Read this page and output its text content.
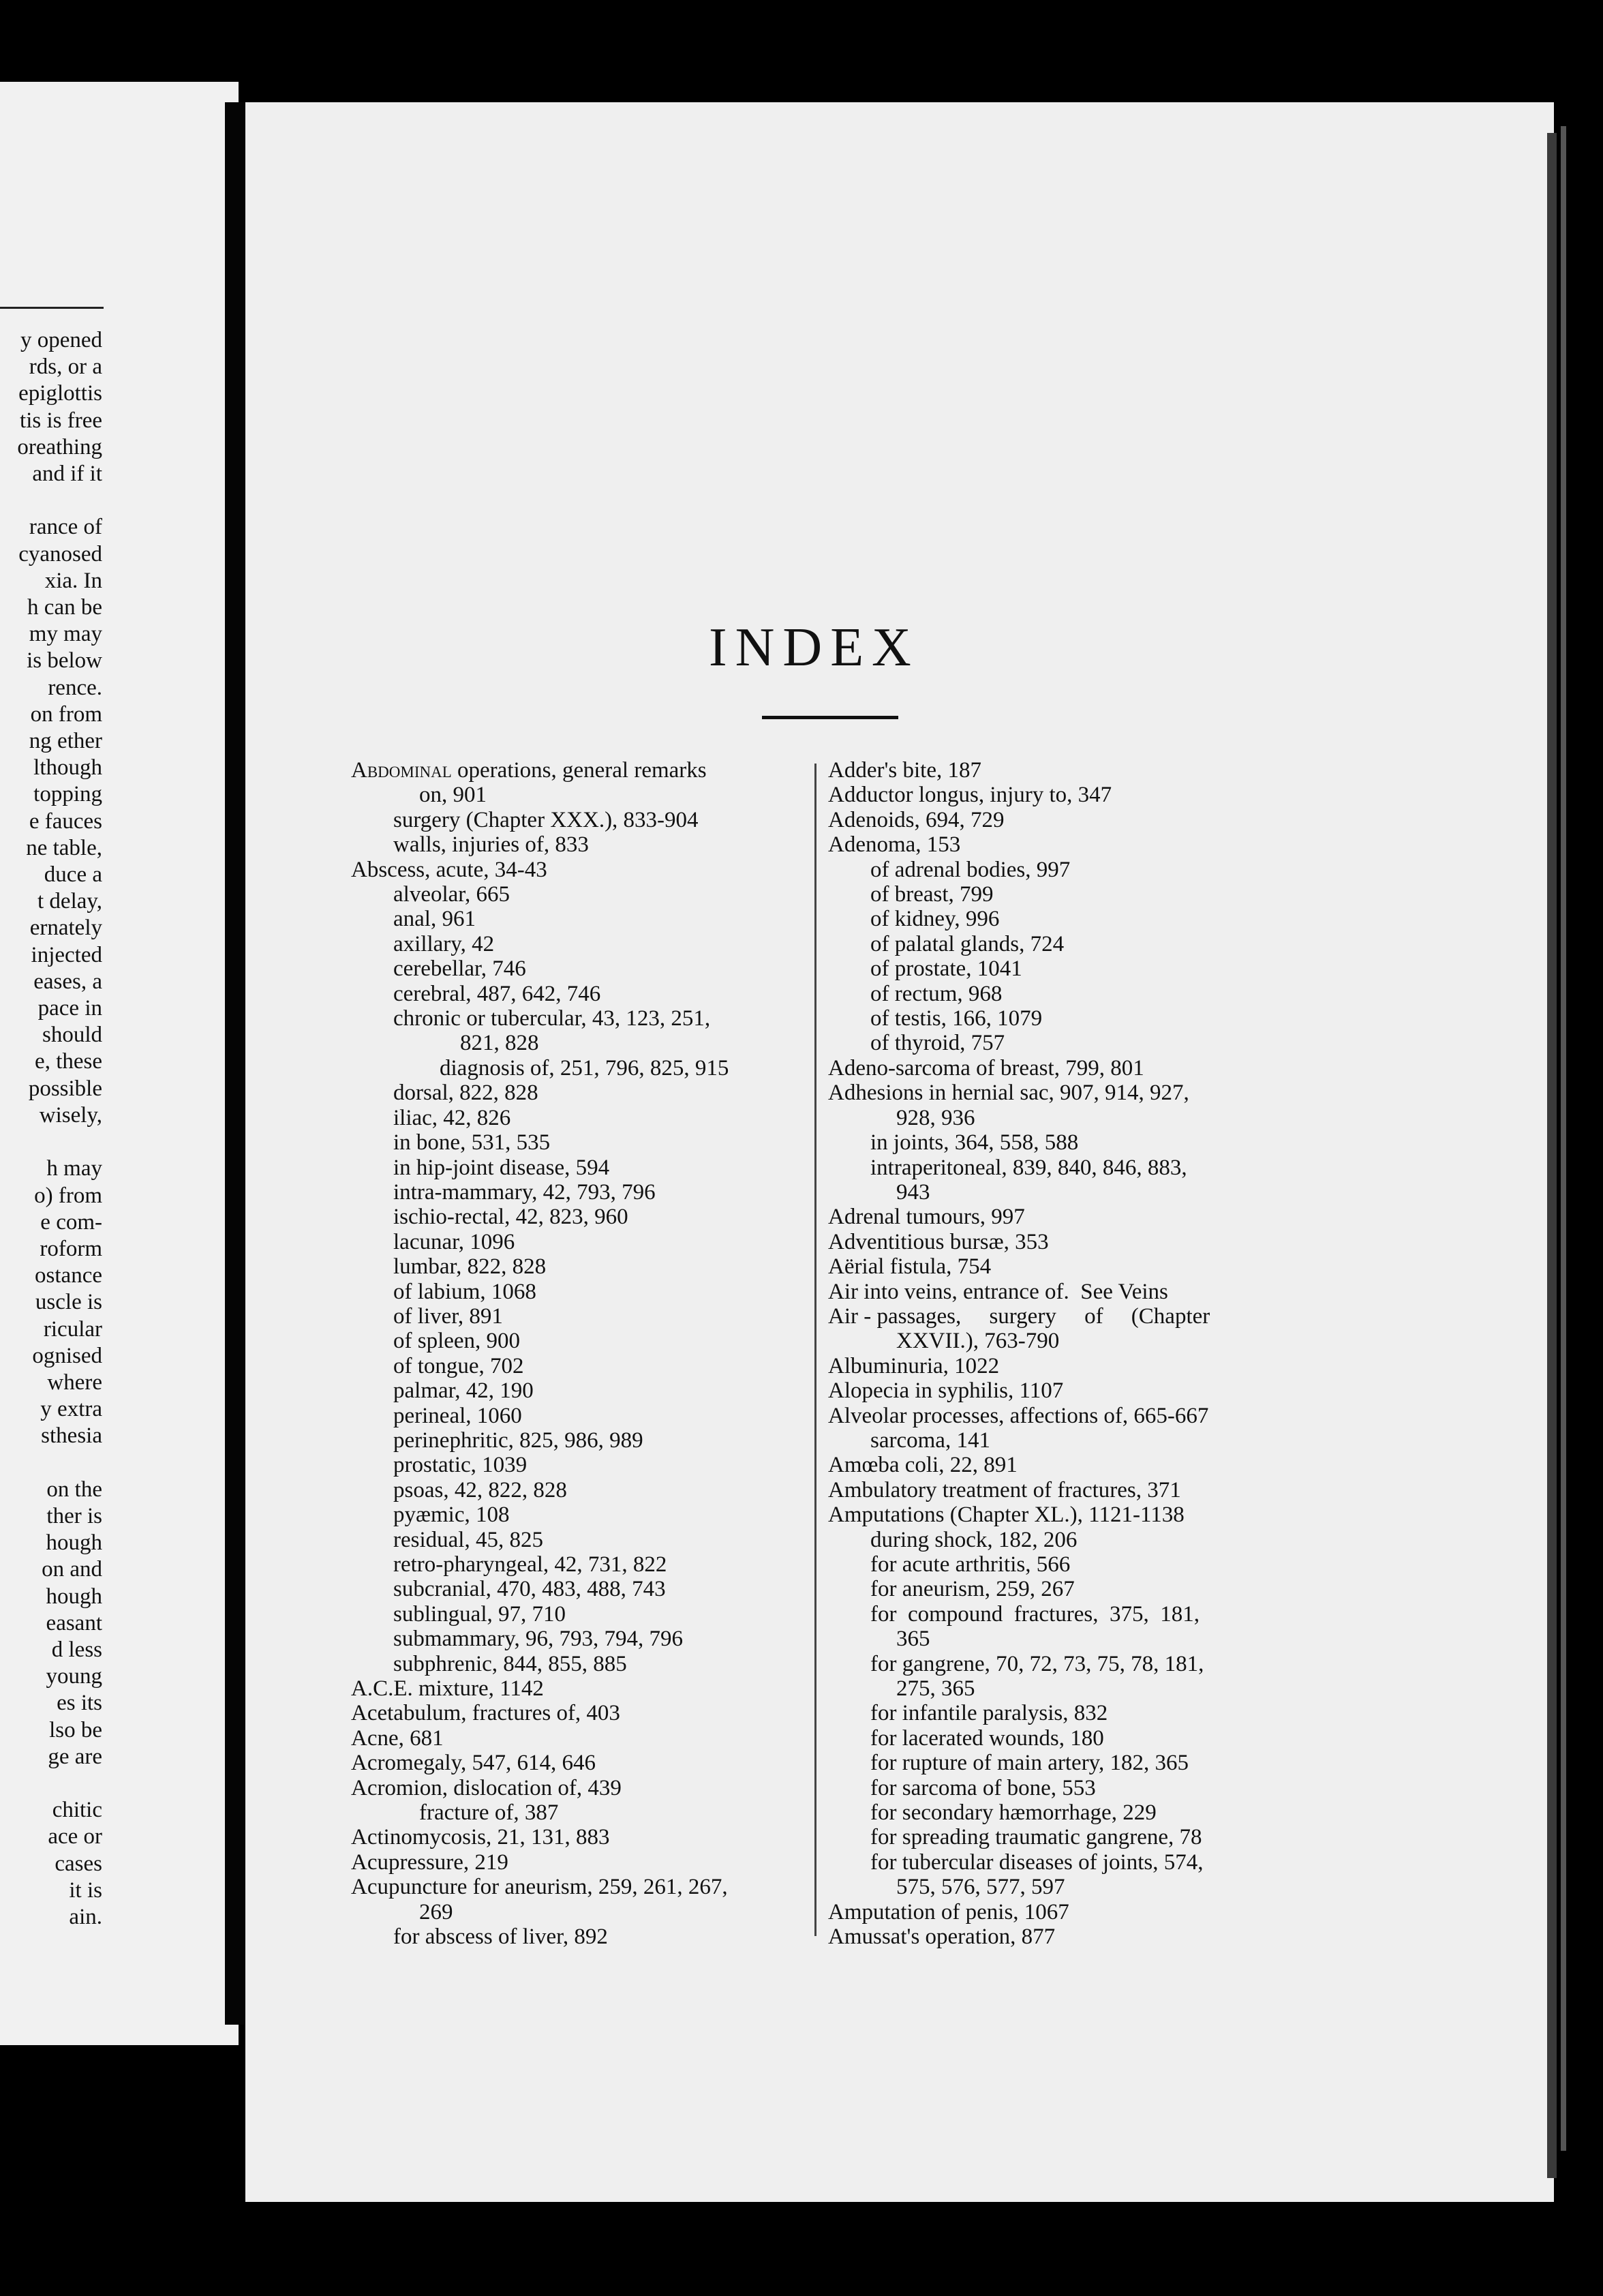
y opened
rds, or a
epiglottis
tis is free
oreathing
and if it

rance of
cyanosed
xia. In
h can be
my may
is below
rence.
on from
ng ether
lthough
topping
e fauces
ne table,
duce a
t delay,
ernately
injected
eases, a
pace in
should
e, these
possible
wisely,

h may
o) from
e com-
roform
ostance
uscle is
ricular
ognised
where
y extra
sthesia

on the
ther is
hough
on and
hough
easant
d less
young
es its
lso be
ge are

chitic
ace or
cases
it is
ain.
INDEX
Abdominal operations, general remarks
on, 901
surgery (Chapter XXX.), 833-904
walls, injuries of, 833
Abscess, acute, 34-43
alveolar, 665
anal, 961
axillary, 42
cerebellar, 746
cerebral, 487, 642, 746
chronic or tubercular, 43, 123, 251,
821, 828
diagnosis of, 251, 796, 825, 915
dorsal, 822, 828
iliac, 42, 826
in bone, 531, 535
in hip-joint disease, 594
intra-mammary, 42, 793, 796
ischio-rectal, 42, 823, 960
lacunar, 1096
lumbar, 822, 828
of labium, 1068
of liver, 891
of spleen, 900
of tongue, 702
palmar, 42, 190
perineal, 1060
perinephritic, 825, 986, 989
prostatic, 1039
psoas, 42, 822, 828
pyæmic, 108
residual, 45, 825
retro-pharyngeal, 42, 731, 822
subcranial, 470, 483, 488, 743
sublingual, 97, 710
submammary, 96, 793, 794, 796
subphrenic, 844, 855, 885
A.C.E. mixture, 1142
Acetabulum, fractures of, 403
Acne, 681
Acromegaly, 547, 614, 646
Acromion, dislocation of, 439
fracture of, 387
Actinomycosis, 21, 131, 883
Acupressure, 219
Acupuncture for aneurism, 259, 261, 267,
269
for abscess of liver, 892
Adder's bite, 187
Adductor longus, injury to, 347
Adenoids, 694, 729
Adenoma, 153
of adrenal bodies, 997
of breast, 799
of kidney, 996
of palatal glands, 724
of prostate, 1041
of rectum, 968
of testis, 166, 1079
of thyroid, 757
Adeno-sarcoma of breast, 799, 801
Adhesions in hernial sac, 907, 914, 927,
928, 936
in joints, 364, 558, 588
intraperitoneal, 839, 840, 846, 883,
943
Adrenal tumours, 997
Adventitious bursæ, 353
Aërial fistula, 754
Air into veins, entrance of.  See Veins
Air - passages,     surgery     of     (Chapter
XXVII.), 763-790
Albuminuria, 1022
Alopecia in syphilis, 1107
Alveolar processes, affections of, 665-667
sarcoma, 141
Amœba coli, 22, 891
Ambulatory treatment of fractures, 371
Amputations (Chapter XL.), 1121-1138
during shock, 182, 206
for acute arthritis, 566
for aneurism, 259, 267
for  compound  fractures,  375,  181,
365
for gangrene, 70, 72, 73, 75, 78, 181,
275, 365
for infantile paralysis, 832
for lacerated wounds, 180
for rupture of main artery, 182, 365
for sarcoma of bone, 553
for secondary hæmorrhage, 229
for spreading traumatic gangrene, 78
for tubercular diseases of joints, 574,
575, 576, 577, 597
Amputation of penis, 1067
Amussat's operation, 877
